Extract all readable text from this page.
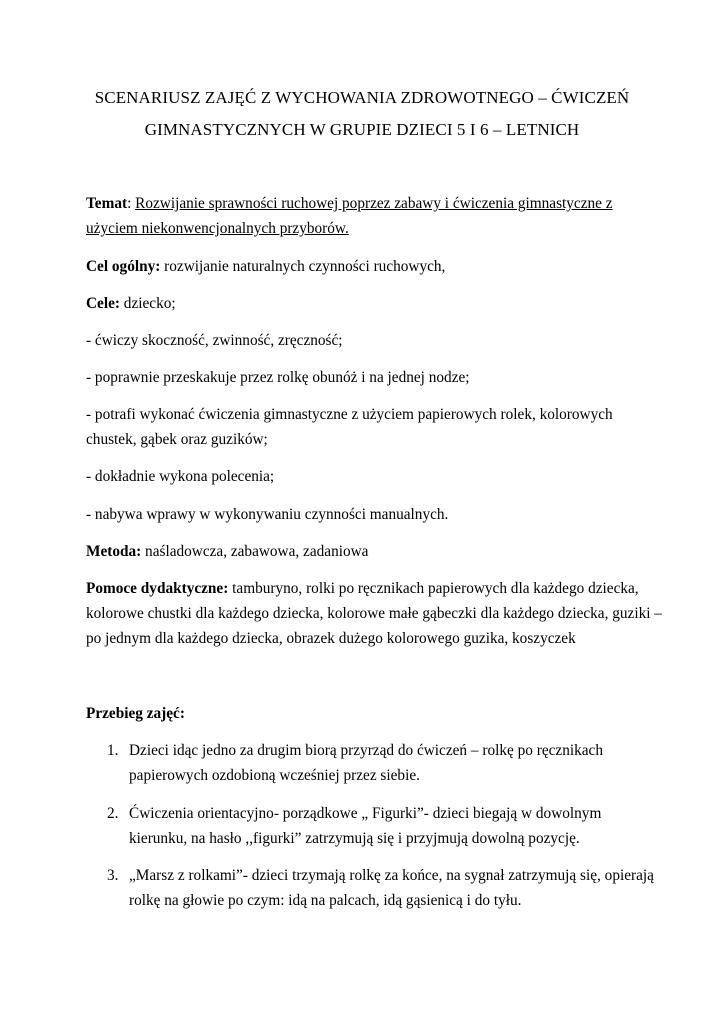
SCENARIUSZ ZAJĘĆ Z WYCHOWANIA ZDROWOTNEGO – ĆWICZEŃ
GIMNASTYCZNYCH W GRUPIE DZIECI 5 I 6 – LETNICH
Temat: Rozwijanie sprawności ruchowej poprzez zabawy i ćwiczenia gimnastyczne z
użyciem niekonwencjonalnych przyborów.
Cel ogólny: rozwijanie naturalnych czynności ruchowych,
Cele: dziecko;
- ćwiczy skoczność, zwinność, zręczność;
- poprawnie przeskakuje przez rolkę obunóż i na jednej nodze;
- potrafi wykonać ćwiczenia gimnastyczne z użyciem papierowych rolek, kolorowych
chustek, gąbek oraz guzików;
- dokładnie wykona polecenia;
- nabywa wprawy w wykonywaniu czynności manualnych.
Metoda: naśladowcza, zabawowa, zadaniowa
Pomoce dydaktyczne: tamburyno, rolki po ręcznikach papierowych dla każdego dziecka,
kolorowe chustki dla każdego dziecka, kolorowe małe gąbeczki dla każdego dziecka, guziki –
po jednym dla każdego dziecka, obrazek dużego kolorowego guzika, koszyczek
Przebieg zajęć:
1. Dzieci idąc jedno za drugim biorą przyrząd do ćwiczeń – rolkę po ręcznikach
papierowych ozdobioną wcześniej przez siebie.
2. Ćwiczenia orientacyjno- porządkowe „ Figurki”- dzieci biegają w dowolnym
kierunku, na hasło ,,figurki” zatrzymują się i przyjmują dowolną pozycję.
3. „Marsz z rolkami”- dzieci trzymają rolkę za końce, na sygnał zatrzymują się, opierają
rolkę na głowie po czym: idą na palcach, idą gąsienicą i do tyłu.
